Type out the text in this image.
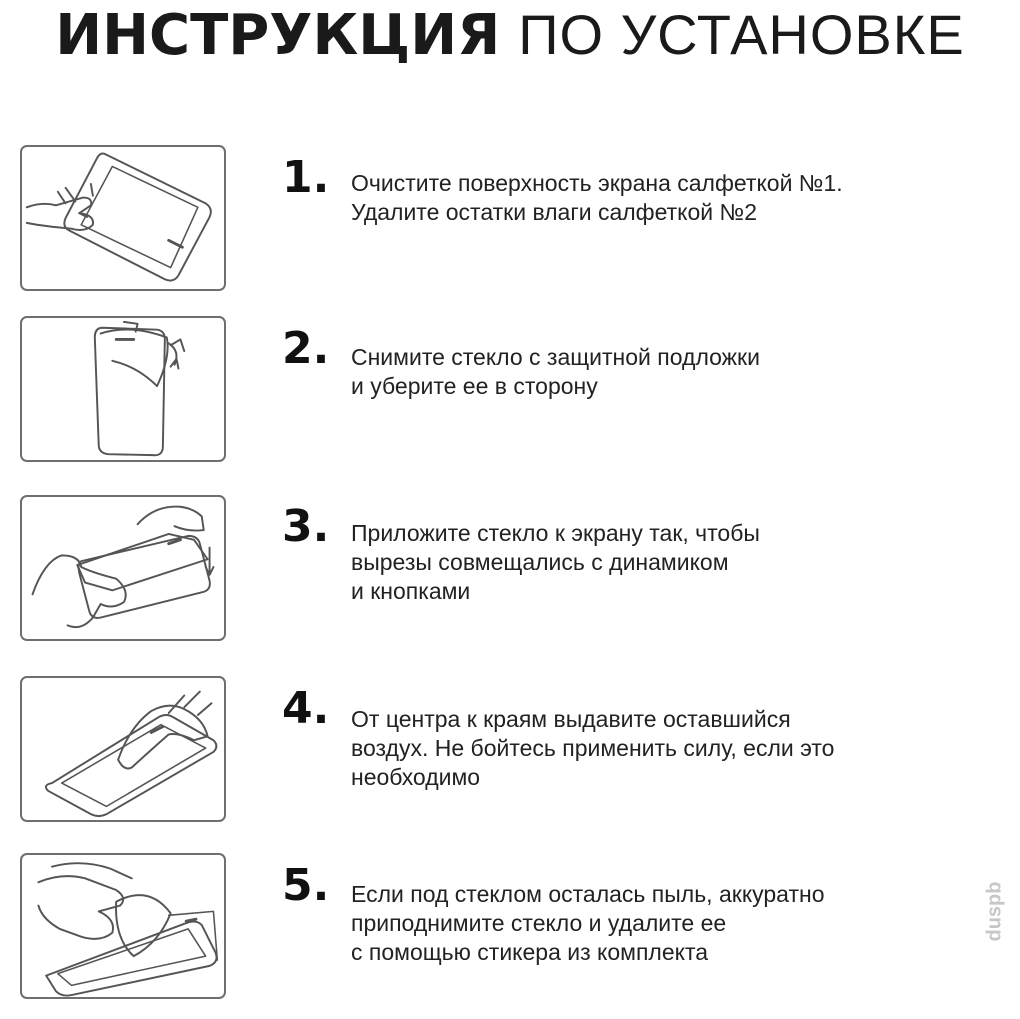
ИНСТРУКЦИЯ ПО УСТАНОВКЕ
1. Очистите поверхность экрана салфеткой №1.
Удалите остатки влаги салфеткой №2
2. Снимите стекло с защитной подложки
и уберите ее в сторону
3. Приложите стекло к экрану так, чтобы
вырезы совмещались с динамиком
и кнопками
4. От центра к краям выдавите оставшийся
воздух. Не бойтесь применить силу, если это
необходимо
5. Если под стеклом осталась пыль, аккуратно
приподнимите стекло и удалите ее
с помощью стикера из комплекта
duspb
